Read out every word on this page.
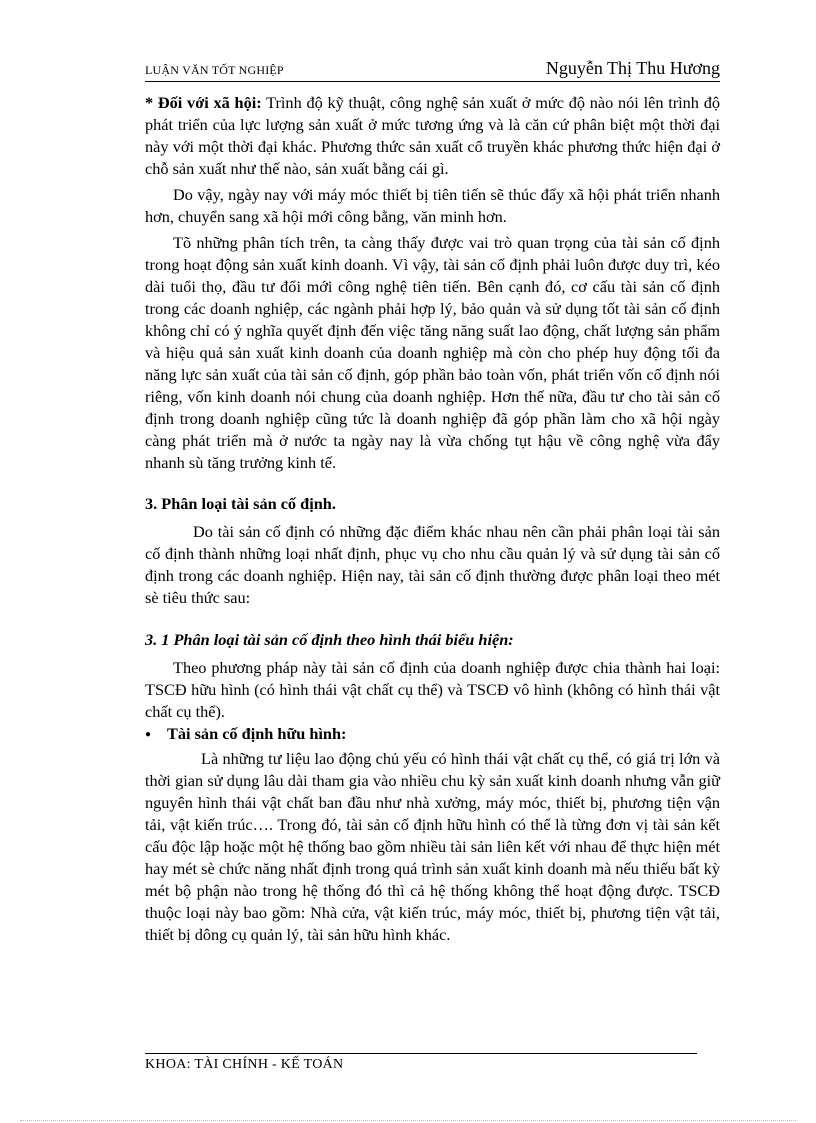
LUẬN VĂN TỐT NGHIỆP	Nguyễn Thị Thu Hương

* Đối với xã hội: Trình độ kỹ thuật, công nghệ sản xuất ở mức độ nào nói lên trình độ phát triển của lực lượng sản xuất ở mức tương ứng và là căn cứ phân biệt một thời đại này với một thời đại khác. Phương thức sản xuất cổ truyền khác phương thức hiện đại ở chỗ sản xuất như thế nào, sản xuất bằng cái gì.

Do vậy, ngày nay với máy móc thiết bị tiên tiến sẽ thúc đẩy xã hội phát triển nhanh hơn, chuyển sang xã hội mới công bằng, văn minh hơn.

Tõ những phân tích trên, ta càng thấy được vai trò quan trọng của tài sản cố định trong hoạt động sản xuất kinh doanh. Vì vậy, tài sản cố định phải luôn được duy trì, kéo dài tuổi thọ, đầu tư đổi mới công nghệ tiên tiến. Bên cạnh đó, cơ cấu tài sản cố định trong các doanh nghiệp, các ngành phải hợp lý, bảo quản và sử dụng tốt tài sản cố định không chỉ có ý nghĩa quyết định đến việc tăng năng suất lao động, chất lượng sản phẩm và hiệu quả sản xuất kinh doanh của doanh nghiệp mà còn cho phép huy động tối đa năng lực sản xuất của tài sản cố định, góp phần bảo toàn vốn, phát triển vốn cố định nói riêng, vốn kinh doanh nói chung của doanh nghiệp. Hơn thế nữa, đầu tư cho tài sản cố định trong doanh nghiệp cũng tức là doanh nghiệp đã góp phần làm cho xã hội ngày càng phát triển mà ở nước ta ngày nay là vừa chống tụt hậu về công nghệ vừa đẩy nhanh sù tăng trưởng kinh tế.

3. Phân loại tài sản cố định.

Do tài sản cố định có những đặc điểm khác nhau nên cần phải phân loại tài sản cố định thành những loại nhất định, phục vụ cho nhu cầu quản lý và sử dụng tài sản cố định trong các doanh nghiệp. Hiện nay, tài sản cố định thường được phân loại theo mét sè tiêu thức sau:

3. 1 Phân loại tài sản cố định theo hình thái biểu hiện:

Theo phương pháp này tài sản cố định của doanh nghiệp được chia thành hai loại: TSCĐ hữu hình (có hình thái vật chất cụ thể) và TSCĐ vô hình (không có hình thái vật chất cụ thể).

● Tài sản cố định hữu hình:

Là những tư liệu lao động chủ yếu có hình thái vật chất cụ thể, có giá trị lớn và thời gian sử dụng lâu dài tham gia vào nhiều chu kỳ sản xuất kinh doanh nhưng vẫn giữ nguyên hình thái vật chất ban đầu như nhà xưởng, máy móc, thiết bị, phương tiện vận tải, vật kiến trúc…. Trong đó, tài sản cố định hữu hình có thể là từng đơn vị tài sản kết cấu độc lập hoặc một hệ thống bao gồm nhiều tài sản liên kết với nhau để thực hiện mét hay mét sè chức năng nhất định trong quá trình sản xuất kinh doanh mà nếu thiếu bất kỳ mét bộ phận nào trong hệ thống đó thì cả hệ thống không thể hoạt động được. TSCĐ thuộc loại này bao gồm: Nhà cửa, vật kiến trúc, máy móc, thiết bị, phương tiện vật tải, thiết bị dông cụ quản lý, tài sản hữu hình khác.

KHOA: TÀI CHÍNH - KẾ TOÁN
